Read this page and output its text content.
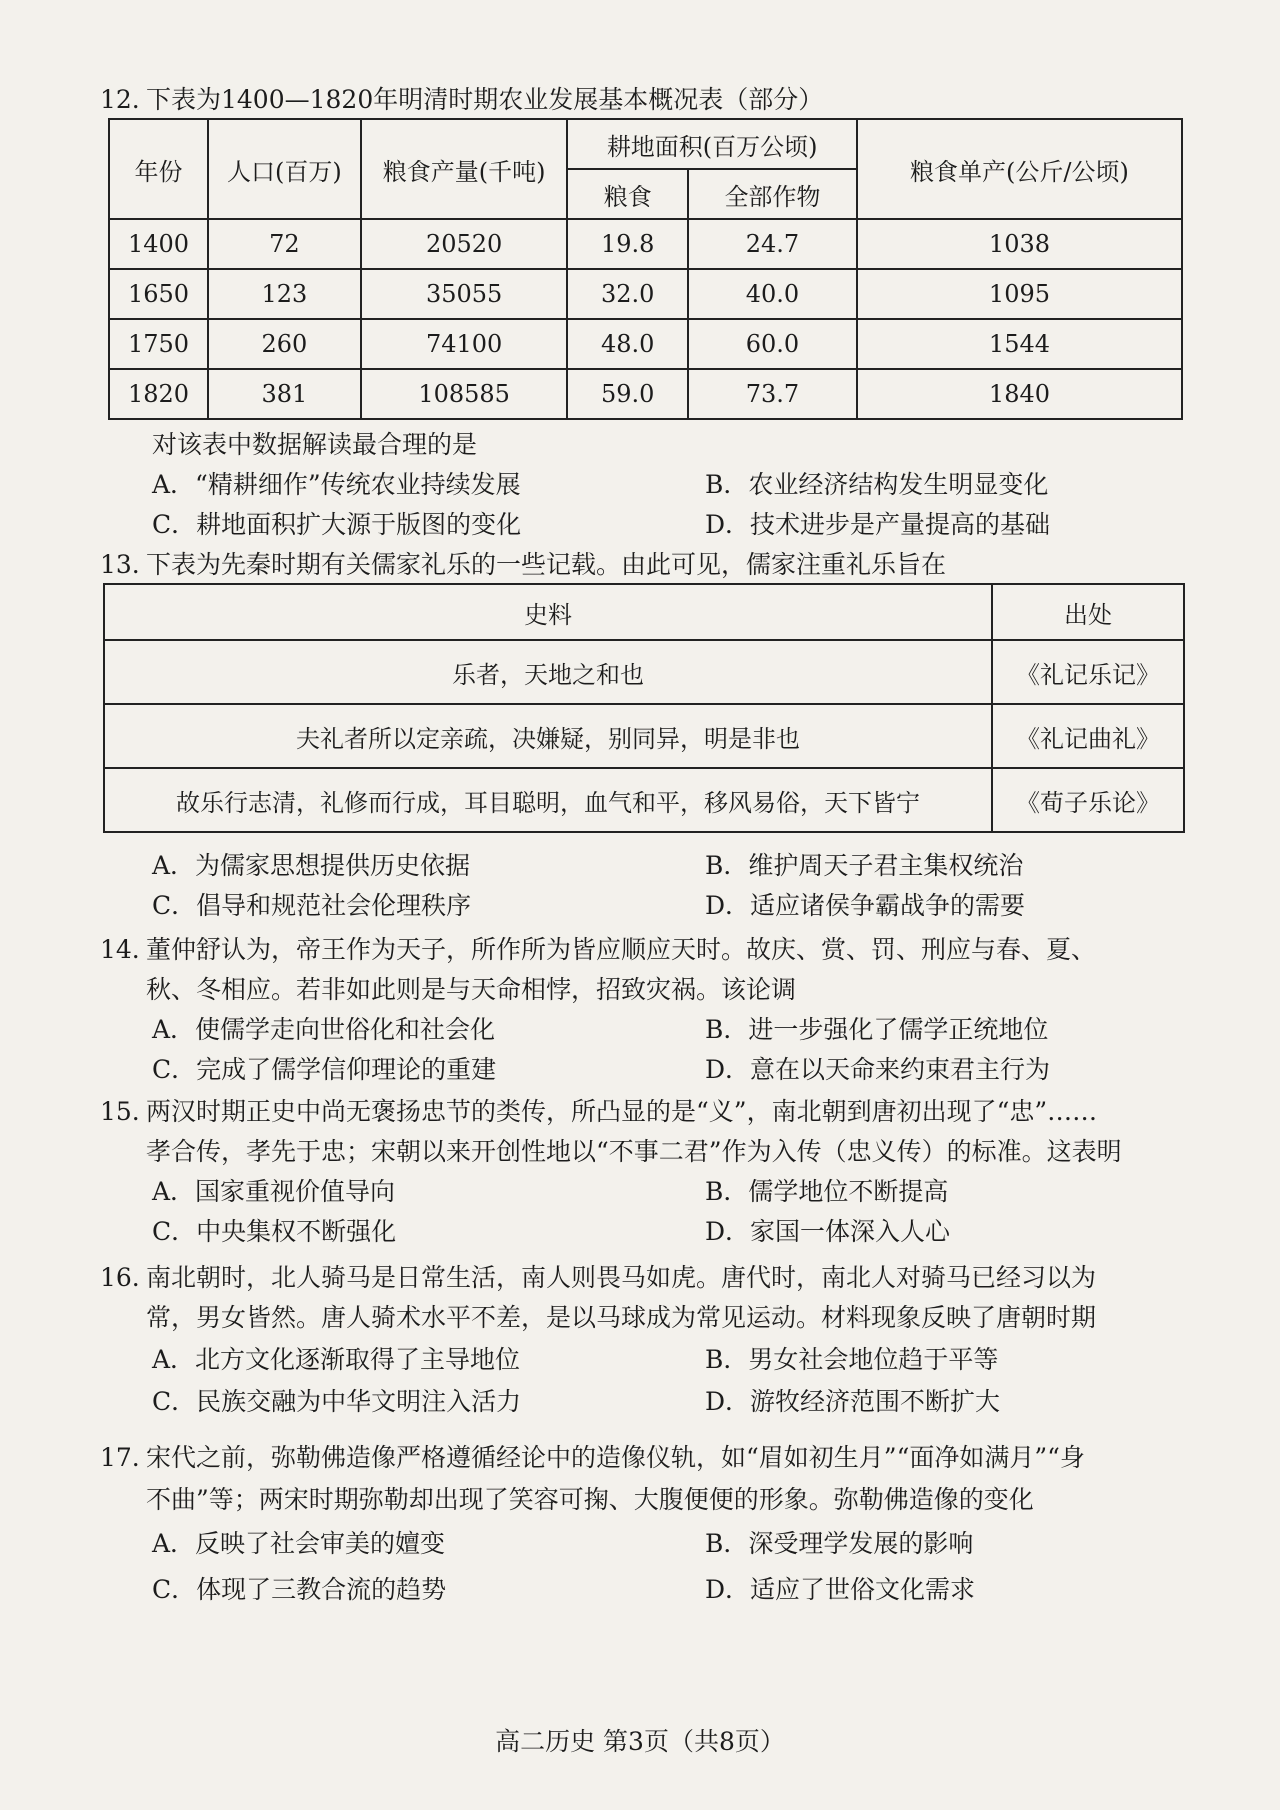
12. 下表为1400—1820年明清时期农业发展基本概况表（部分）
年份	人口(百万)	粮食产量(千吨)	耕地面积(百万公顷)		粮食单产(公斤/公顷)
			粮食	全部作物	
1400	72	20520	19.8	24.7	1038
1650	123	35055	32.0	40.0	1095
1750	260	74100	48.0	60.0	1544
1820	381	108585	59.0	73.7	1840
对该表中数据解读最合理的是
A．“精耕细作”传统农业持续发展	B．农业经济结构发生明显变化
C．耕地面积扩大源于版图的变化	D．技术进步是产量提高的基础
13. 下表为先秦时期有关儒家礼乐的一些记载。由此可见，儒家注重礼乐旨在
史料	出处
乐者，天地之和也	《礼记乐记》
夫礼者所以定亲疏，决嫌疑，别同异，明是非也	《礼记曲礼》
故乐行志清，礼修而行成，耳目聪明，血气和平，移风易俗，天下皆宁	《荀子乐论》
A．为儒家思想提供历史依据	B．维护周天子君主集权统治
C．倡导和规范社会伦理秩序	D．适应诸侯争霸战争的需要
14. 董仲舒认为，帝王作为天子，所作所为皆应顺应天时。故庆、赏、罚、刑应与春、夏、
秋、冬相应。若非如此则是与天命相悖，招致灾祸。该论调
A．使儒学走向世俗化和社会化	B．进一步强化了儒学正统地位
C．完成了儒学信仰理论的重建	D．意在以天命来约束君主行为
15. 两汉时期正史中尚无褒扬忠节的类传，所凸显的是“义”，南北朝到唐初出现了“忠”……
孝合传，孝先于忠；宋朝以来开创性地以“不事二君”作为入传（忠义传）的标准。这表明
A．国家重视价值导向	B．儒学地位不断提高
C．中央集权不断强化	D．家国一体深入人心
16. 南北朝时，北人骑马是日常生活，南人则畏马如虎。唐代时，南北人对骑马已经习以为
常，男女皆然。唐人骑术水平不差，是以马球成为常见运动。材料现象反映了唐朝时期
A．北方文化逐渐取得了主导地位	B．男女社会地位趋于平等
C．民族交融为中华文明注入活力	D．游牧经济范围不断扩大
17. 宋代之前，弥勒佛造像严格遵循经论中的造像仪轨，如“眉如初生月”“面净如满月”“身
不曲”等；两宋时期弥勒却出现了笑容可掬、大腹便便的形象。弥勒佛造像的变化
A．反映了社会审美的嬗变	B．深受理学发展的影响
C．体现了三教合流的趋势	D．适应了世俗文化需求
高二历史 第3页（共8页）
